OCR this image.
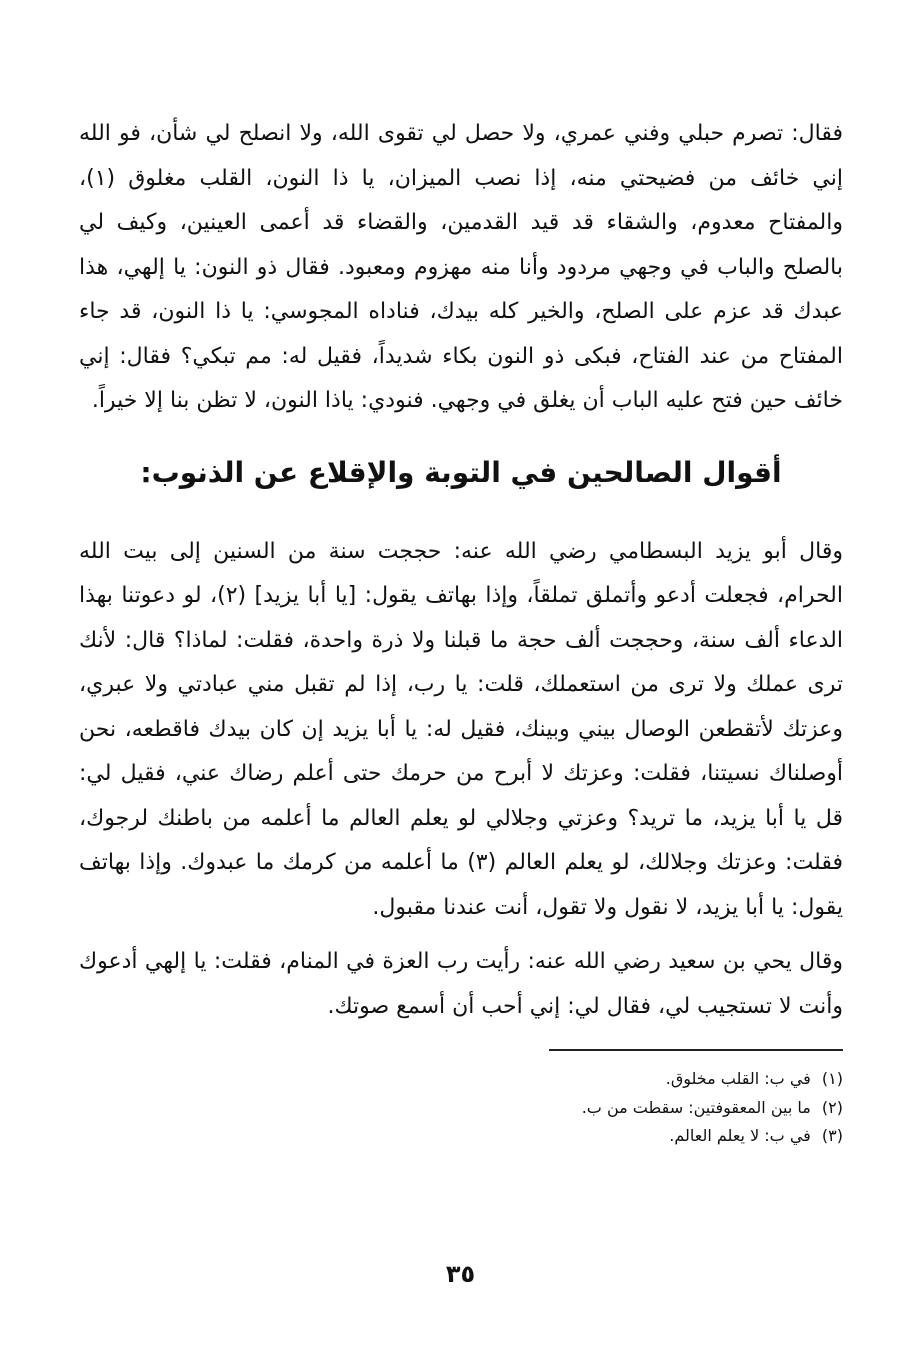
فقال: تصرم حبلي وفني عمري، ولا حصل لي تقوى الله، ولا انصلح لي شأن، فو الله إني خائف من فضيحتي منه، إذا نصب الميزان، يا ذا النون، القلب مغلوق (١)، والمفتاح معدوم، والشقاء قد قيد القدمين، والقضاء قد أعمى العينين، وكيف لي بالصلح والباب في وجهي مردود وأنا منه مهزوم ومعبود. فقال ذو النون: يا إلهي، هذا عبدك قد عزم على الصلح، والخير كله بيدك، فناداه المجوسي: يا ذا النون، قد جاء المفتاح من عند الفتاح، فبكى ذو النون بكاء شديداً، فقيل له: مم تبكي؟ فقال: إني خائف حين فتح عليه الباب أن يغلق في وجهي. فنودي: ياذا النون، لا تظن بنا إلا خيراً.

أقوال الصالحين في التوبة والإقلاع عن الذنوب:

وقال أبو يزيد البسطامي رضي الله عنه: حججت سنة من السنين إلى بيت الله الحرام، فجعلت أدعو وأتملق تملقاً، وإذا بهاتف يقول: [يا أبا يزيد] (٢)، لو دعوتنا بهذا الدعاء ألف سنة، وحججت ألف حجة ما قبلنا ولا ذرة واحدة، فقلت: لماذا؟ قال: لأنك ترى عملك ولا ترى من استعملك، قلت: يا رب، إذا لم تقبل مني عبادتي ولا عبري، وعزتك لأتقطعن الوصال بيني وبينك، فقيل له: يا أبا يزيد إن كان بيدك فاقطعه، نحن أوصلناك نسيتنا، فقلت: وعزتك لا أبرح من حرمك حتى أعلم رضاك عني، فقيل لي: قل يا أبا يزيد، ما تريد؟ وعزتي وجلالي لو يعلم العالم ما أعلمه من باطنك لرجوك، فقلت: وعزتك وجلالك، لو يعلم العالم (٣) ما أعلمه من كرمك ما عبدوك. وإذا بهاتف يقول: يا أبا يزيد، لا نقول ولا تقول، أنت عندنا مقبول.

وقال يحي بن سعيد رضي الله عنه: رأيت رب العزة في المنام، فقلت: يا إلهي أدعوك وأنت لا تستجيب لي، فقال لي: إني أحب أن أسمع صوتك.

(١) في ب: القلب مخلوق.
(٢) ما بين المعقوفتين: سقطت من ب.
(٣) في ب: لا يعلم العالم.
٣٥
